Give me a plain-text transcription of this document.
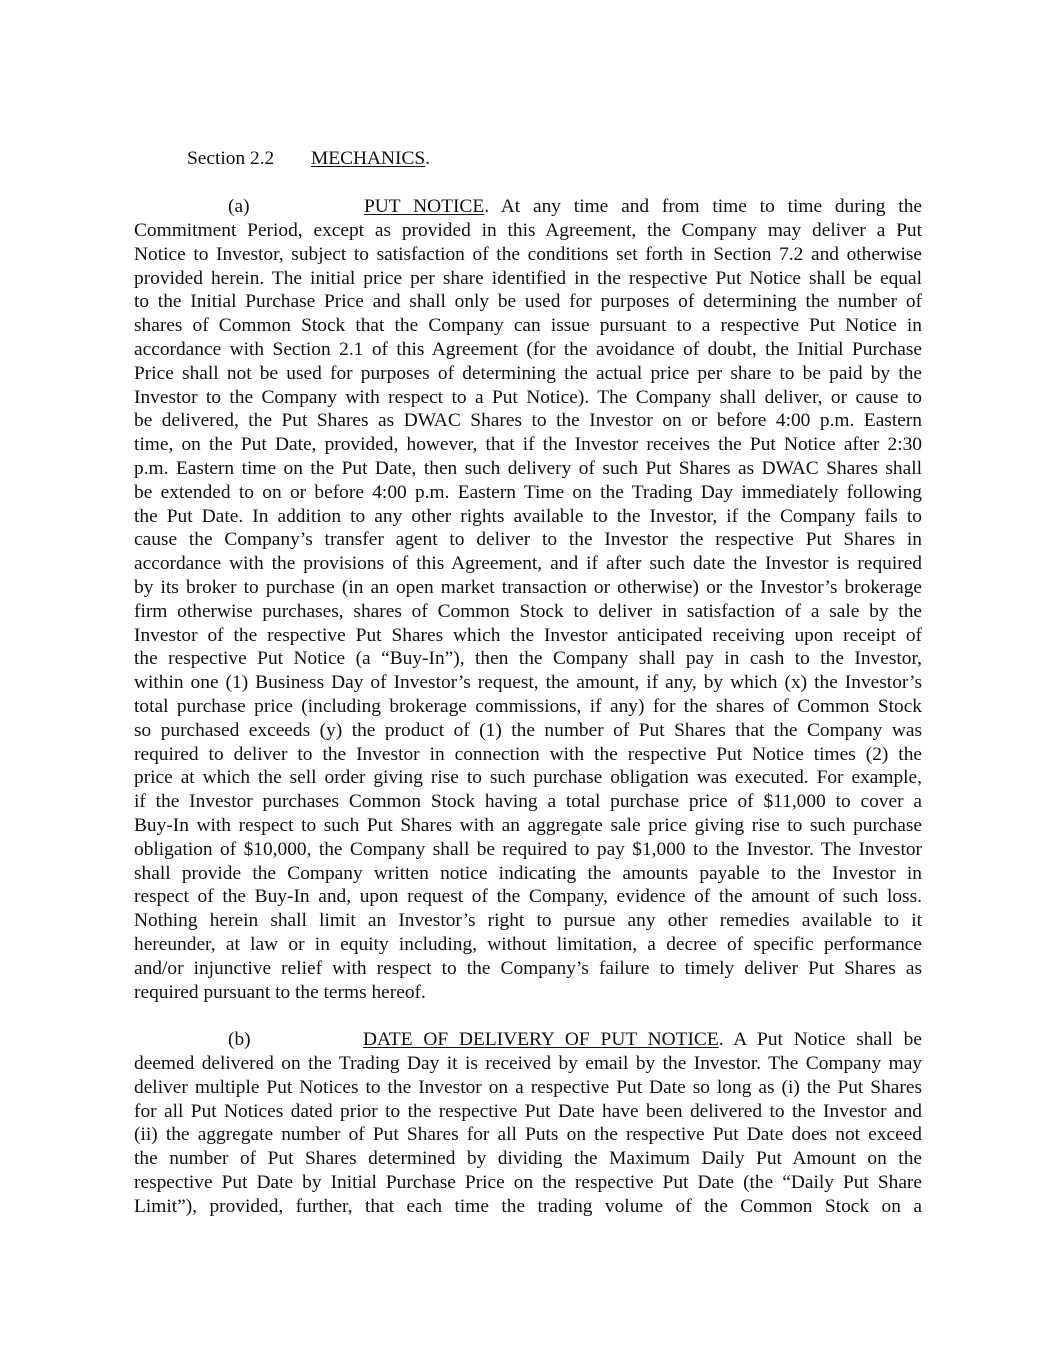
Section 2.2 MECHANICS.
(a)	PUT NOTICE. At any time and from time to time during the
Commitment Period, except as provided in this Agreement, the Company may deliver a Put
Notice to Investor, subject to satisfaction of the conditions set forth in Section 7.2 and otherwise
provided herein. The initial price per share identified in the respective Put Notice shall be equal
to the Initial Purchase Price and shall only be used for purposes of determining the number of
shares of Common Stock that the Company can issue pursuant to a respective Put Notice in
accordance with Section 2.1 of this Agreement (for the avoidance of doubt, the Initial Purchase
Price shall not be used for purposes of determining the actual price per share to be paid by the
Investor to the Company with respect to a Put Notice). The Company shall deliver, or cause to
be delivered, the Put Shares as DWAC Shares to the Investor on or before 4:00 p.m. Eastern
time, on the Put Date, provided, however, that if the Investor receives the Put Notice after 2:30
p.m. Eastern time on the Put Date, then such delivery of such Put Shares as DWAC Shares shall
be extended to on or before 4:00 p.m. Eastern Time on the Trading Day immediately following
the Put Date. In addition to any other rights available to the Investor, if the Company fails to
cause the Company’s transfer agent to deliver to the Investor the respective Put Shares in
accordance with the provisions of this Agreement, and if after such date the Investor is required
by its broker to purchase (in an open market transaction or otherwise) or the Investor’s brokerage
firm otherwise purchases, shares of Common Stock to deliver in satisfaction of a sale by the
Investor of the respective Put Shares which the Investor anticipated receiving upon receipt of
the respective Put Notice (a “Buy-In”), then the Company shall pay in cash to the Investor,
within one (1) Business Day of Investor’s request, the amount, if any, by which (x) the Investor’s
total purchase price (including brokerage commissions, if any) for the shares of Common Stock
so purchased exceeds (y) the product of (1) the number of Put Shares that the Company was
required to deliver to the Investor in connection with the respective Put Notice times (2) the
price at which the sell order giving rise to such purchase obligation was executed. For example,
if the Investor purchases Common Stock having a total purchase price of $11,000 to cover a
Buy-In with respect to such Put Shares with an aggregate sale price giving rise to such purchase
obligation of $10,000, the Company shall be required to pay $1,000 to the Investor. The Investor
shall provide the Company written notice indicating the amounts payable to the Investor in
respect of the Buy-In and, upon request of the Company, evidence of the amount of such loss.
Nothing herein shall limit an Investor’s right to pursue any other remedies available to it
hereunder, at law or in equity including, without limitation, a decree of specific performance
and/or injunctive relief with respect to the Company’s failure to timely deliver Put Shares as
required pursuant to the terms hereof.
(b)	DATE OF DELIVERY OF PUT NOTICE. A Put Notice shall be
deemed delivered on the Trading Day it is received by email by the Investor. The Company may
deliver multiple Put Notices to the Investor on a respective Put Date so long as (i) the Put Shares
for all Put Notices dated prior to the respective Put Date have been delivered to the Investor and
(ii) the aggregate number of Put Shares for all Puts on the respective Put Date does not exceed
the number of Put Shares determined by dividing the Maximum Daily Put Amount on the
respective Put Date by Initial Purchase Price on the respective Put Date (the “Daily Put Share
Limit”), provided, further, that each time the trading volume of the Common Stock on a
